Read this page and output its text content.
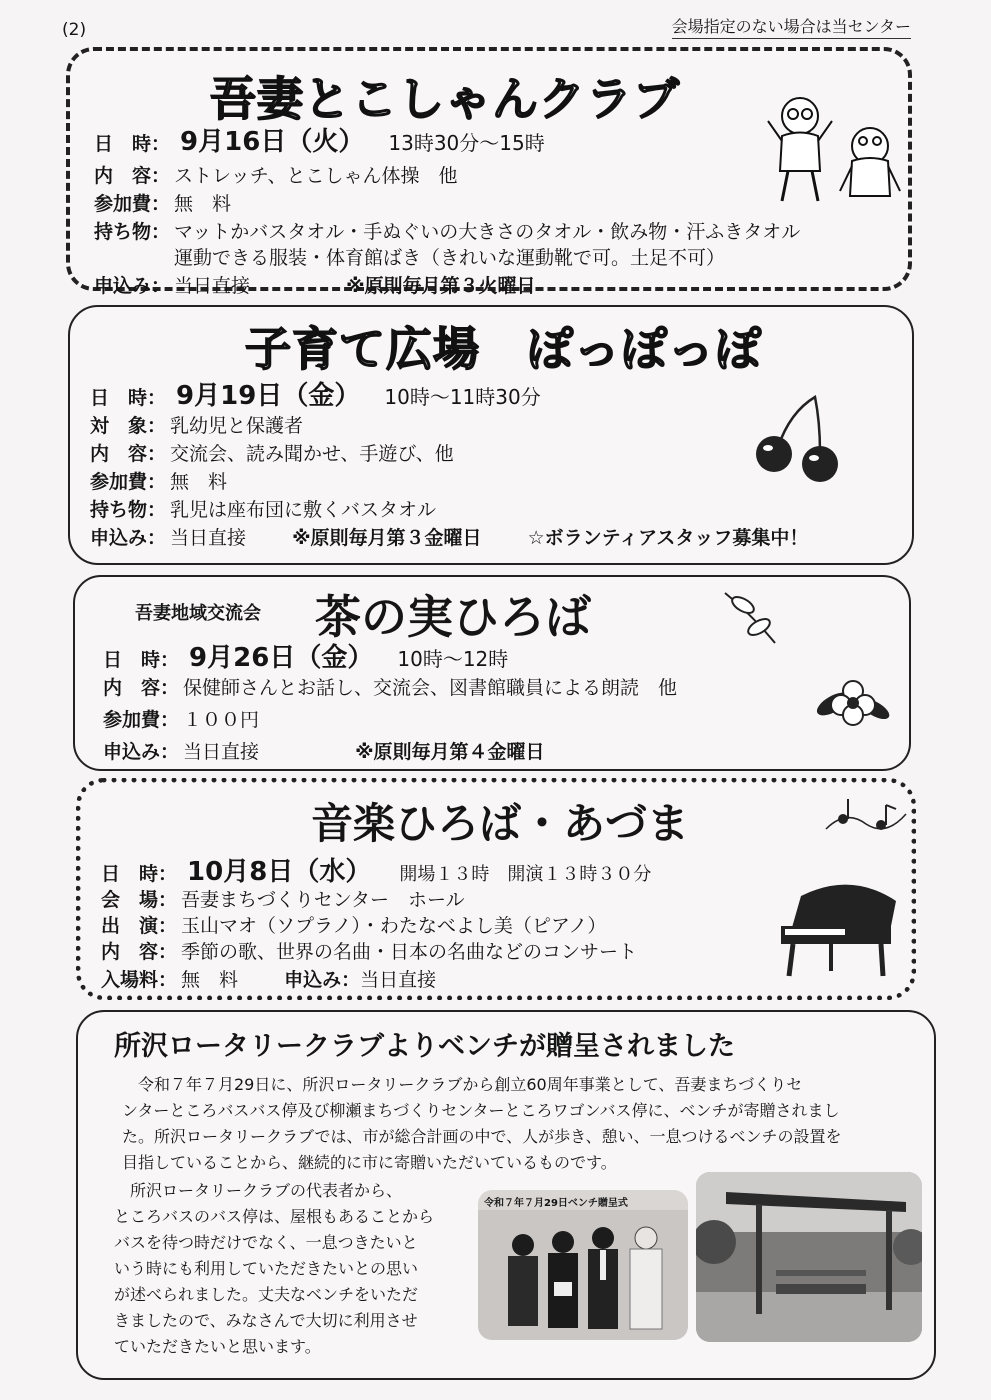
(2)	会場指定のない場合は当センター
吾妻とこしゃんクラブ
日　時： 9月16日（火） 13時30分～15時
内　容： ストレッチ、とこしゃん体操　他
参加費： 無　料
持ち物： マットかバスタオル・手ぬぐいの大きさのタオル・飲み物・汗ふきタオル
運動できる服装・体育館ばき（きれいな運動靴で可。土足不可）
申込み： 当日直接	※原則毎月第３火曜日
子育て広場　ぽっぽっぽ
日　時： 9月19日（金） 10時～11時30分
対　象： 乳幼児と保護者
内　容： 交流会、読み聞かせ、手遊び、他
参加費： 無　料
持ち物： 乳児は座布団に敷くバスタオル
申込み： 当日直接 ※原則毎月第３金曜日 ☆ボランティアスタッフ募集中！
吾妻地域交流会 茶の実ひろば
日　時： 9月26日（金） 10時～12時
内　容： 保健師さんとお話し、交流会、図書館職員による朗読　他
参加費： １００円
申込み： 当日直接	※原則毎月第４金曜日
音楽ひろば・あづま
日　時： 10月8日（水） 開場１３時　開演１３時３０分
会　場： 吾妻まちづくりセンター　ホール
出　演： 玉山マオ（ソプラノ）・わたなべよし美（ピアノ）
内　容： 季節の歌、世界の名曲・日本の名曲などのコンサート
入場料： 無　料 申込み：当日直接
所沢ロータリークラブよりベンチが贈呈されました
令和７年７月29日に、所沢ロータリークラブから創立60周年事業として、吾妻まちづくりセ
ンターところバスバス停及び柳瀬まちづくりセンターところワゴンバス停に、ベンチが寄贈されまし
た。所沢ロータリークラブでは、市が総合計画の中で、人が歩き、憩い、一息つけるベンチの設置を
目指していることから、継続的に市に寄贈いただいているものです。
所沢ロータリークラブの代表者から、
ところバスのバス停は、屋根もあることから
バスを待つ時だけでなく、一息つきたいと
いう時にも利用していただきたいとの思い
が述べられました。丈夫なベンチをいただ
きましたので、みなさんで大切に利用させ
ていただきたいと思います。
令和７年７月29日ベンチ贈呈式
